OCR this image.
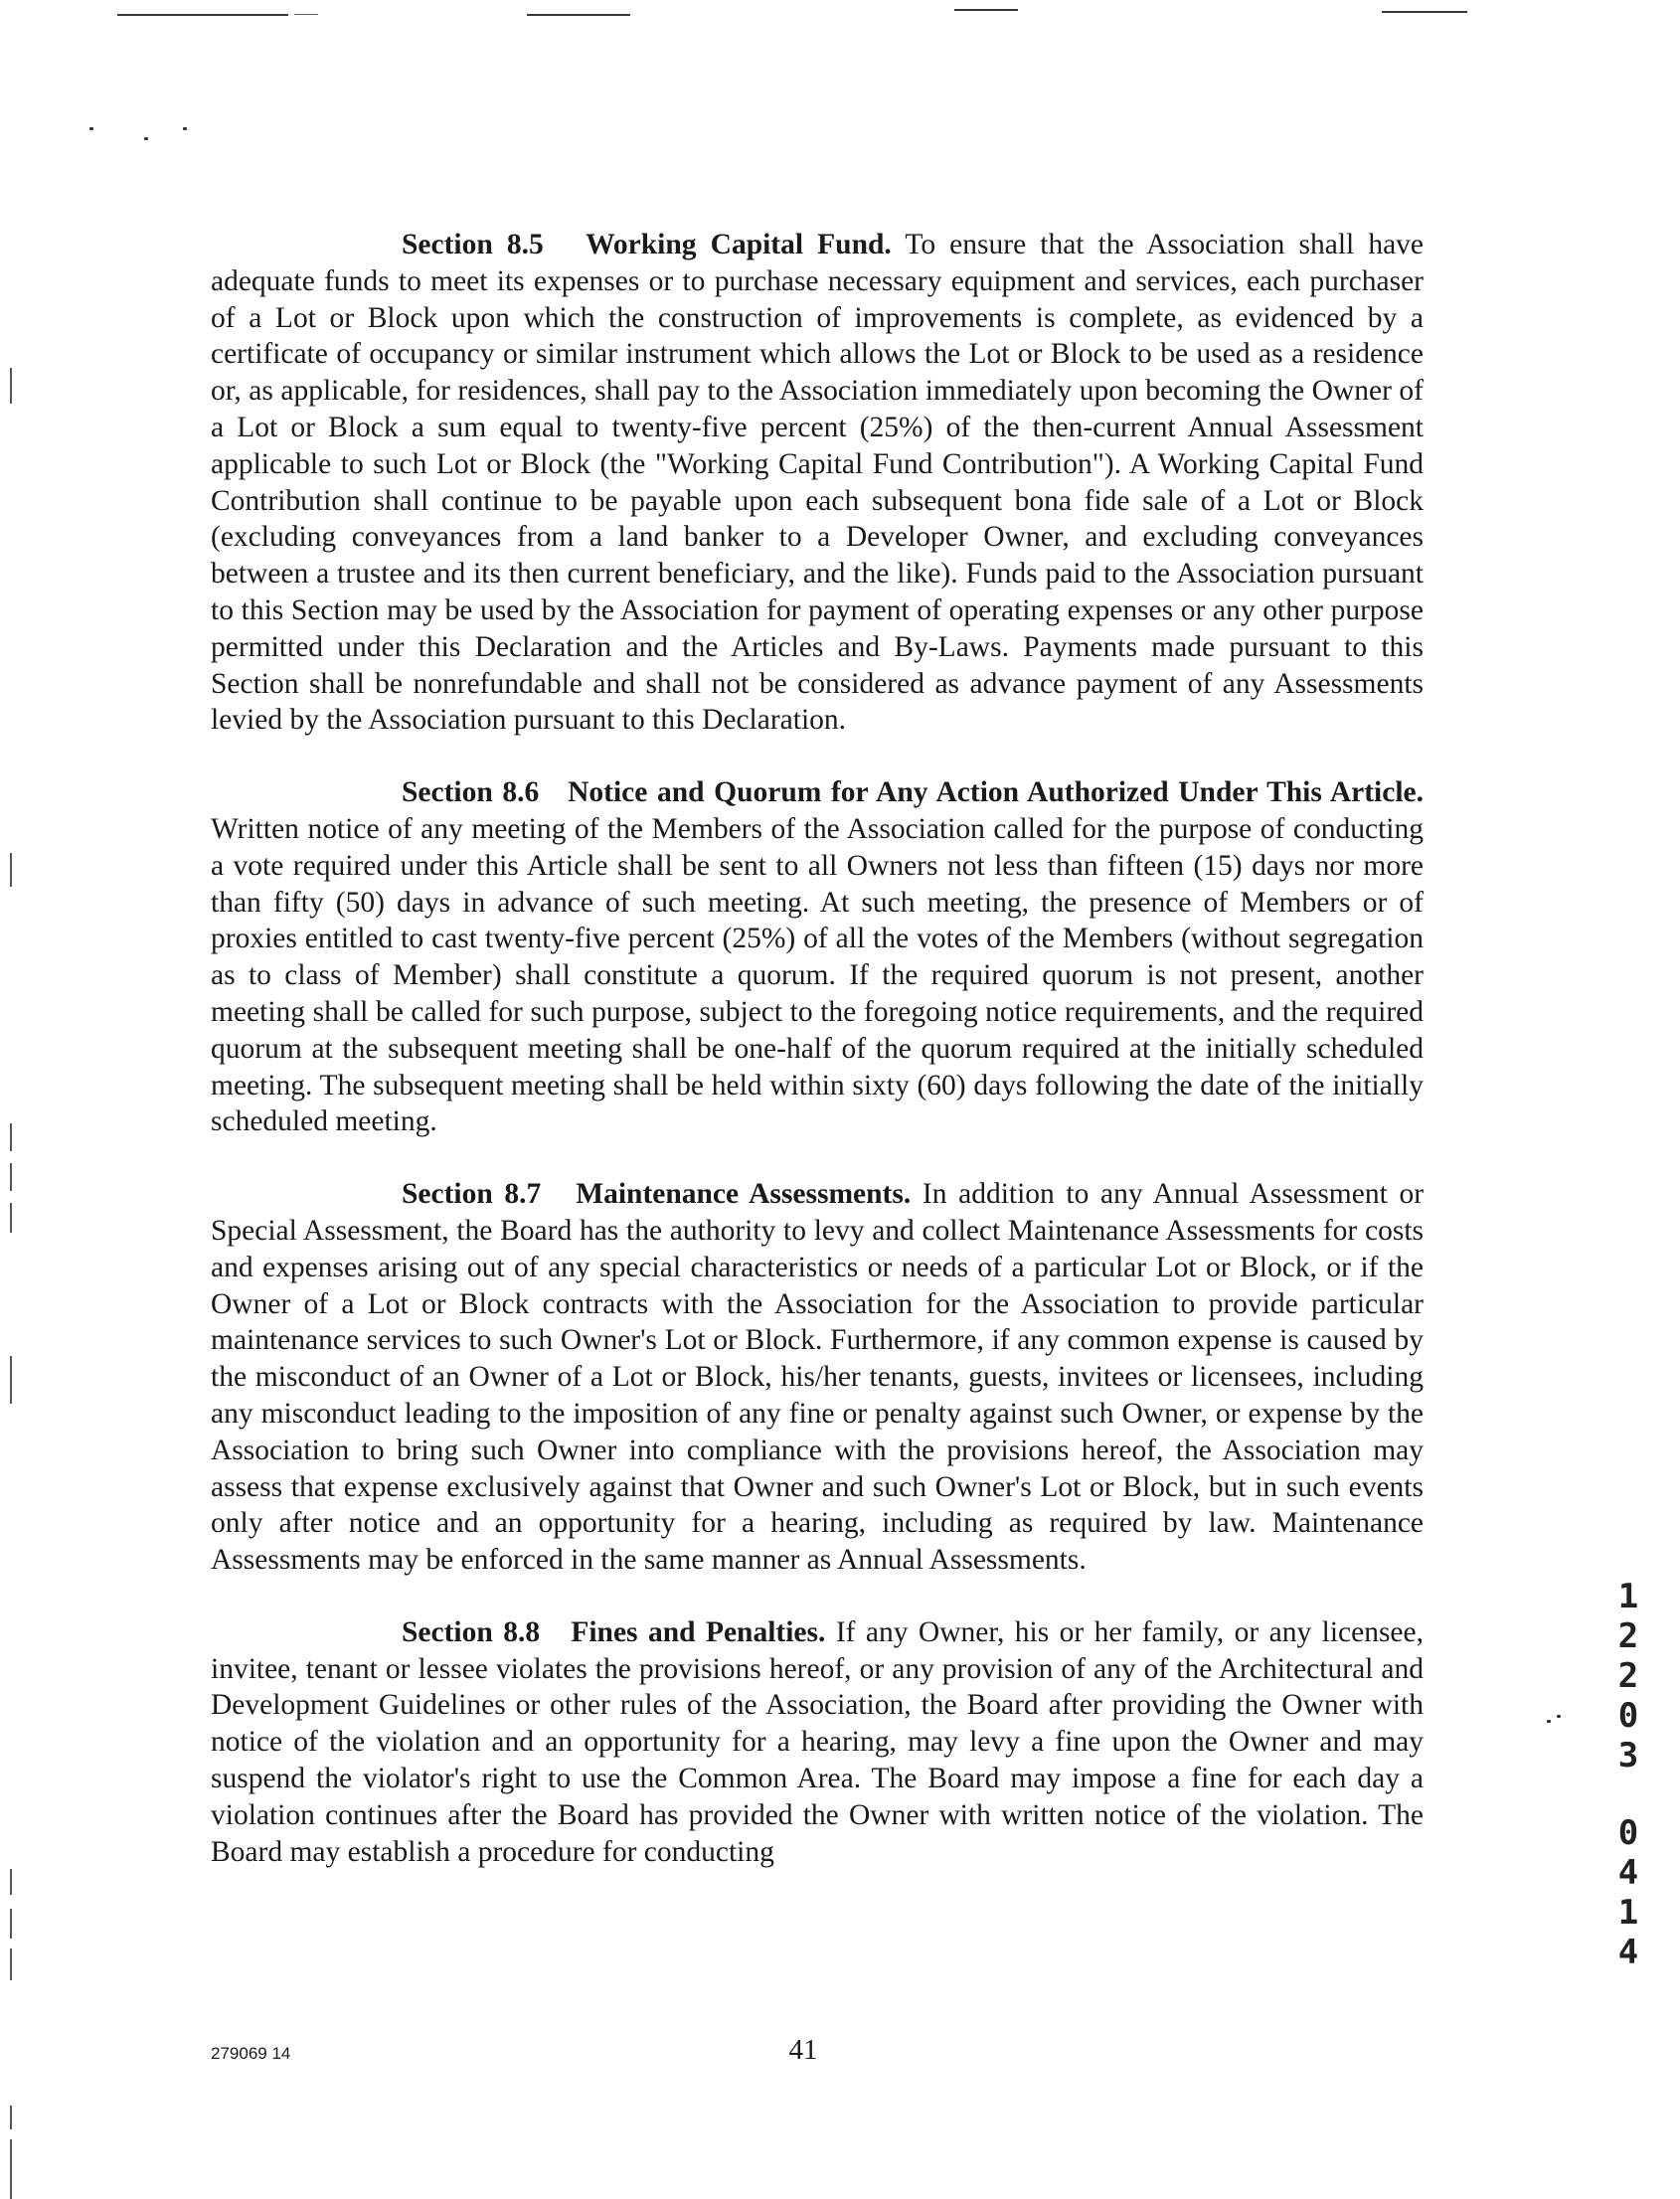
Section 8.5 Working Capital Fund. To ensure that the Association shall have adequate funds to meet its expenses or to purchase necessary equipment and services, each purchaser of a Lot or Block upon which the construction of improvements is complete, as evidenced by a certificate of occupancy or similar instrument which allows the Lot or Block to be used as a residence or, as applicable, for residences, shall pay to the Association immediately upon becoming the Owner of a Lot or Block a sum equal to twenty-five percent (25%) of the then-current Annual Assessment applicable to such Lot or Block (the "Working Capital Fund Contribution"). A Working Capital Fund Contribution shall continue to be payable upon each subsequent bona fide sale of a Lot or Block (excluding conveyances from a land banker to a Developer Owner, and excluding conveyances between a trustee and its then current beneficiary, and the like). Funds paid to the Association pursuant to this Section may be used by the Association for payment of operating expenses or any other purpose permitted under this Declaration and the Articles and By-Laws. Payments made pursuant to this Section shall be nonrefundable and shall not be considered as advance payment of any Assessments levied by the Association pursuant to this Declaration.

Section 8.6 Notice and Quorum for Any Action Authorized Under This Article. Written notice of any meeting of the Members of the Association called for the purpose of conducting a vote required under this Article shall be sent to all Owners not less than fifteen (15) days nor more than fifty (50) days in advance of such meeting. At such meeting, the presence of Members or of proxies entitled to cast twenty-five percent (25%) of all the votes of the Members (without segregation as to class of Member) shall constitute a quorum. If the required quorum is not present, another meeting shall be called for such purpose, subject to the foregoing notice requirements, and the required quorum at the subsequent meeting shall be one-half of the quorum required at the initially scheduled meeting. The subsequent meeting shall be held within sixty (60) days following the date of the initially scheduled meeting.

Section 8.7 Maintenance Assessments. In addition to any Annual Assessment or Special Assessment, the Board has the authority to levy and collect Maintenance Assessments for costs and expenses arising out of any special characteristics or needs of a particular Lot or Block, or if the Owner of a Lot or Block contracts with the Association for the Association to provide particular maintenance services to such Owner's Lot or Block. Furthermore, if any common expense is caused by the misconduct of an Owner of a Lot or Block, his/her tenants, guests, invitees or licensees, including any misconduct leading to the imposition of any fine or penalty against such Owner, or expense by the Association to bring such Owner into compliance with the provisions hereof, the Association may assess that expense exclusively against that Owner and such Owner's Lot or Block, but in such events only after notice and an opportunity for a hearing, including as required by law. Maintenance Assessments may be enforced in the same manner as Annual Assessments.

Section 8.8 Fines and Penalties. If any Owner, his or her family, or any licensee, invitee, tenant or lessee violates the provisions hereof, or any provision of any of the Architectural and Development Guidelines or other rules of the Association, the Board after providing the Owner with notice of the violation and an opportunity for a hearing, may levy a fine upon the Owner and may suspend the violator's right to use the Common Area. The Board may impose a fine for each day a violation continues after the Board has provided the Owner with written notice of the violation. The Board may establish a procedure for conducting

1
2
2
0
3
0
4
1
4
279069 14	41
